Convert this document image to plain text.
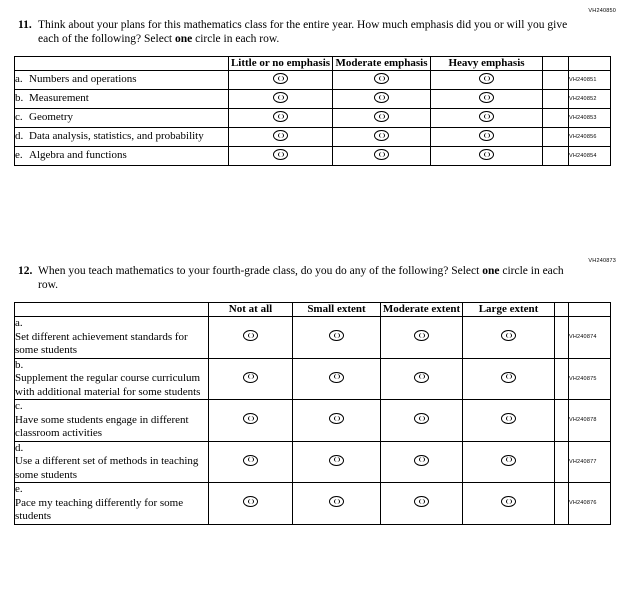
VH240850
VH240873
11. Think about your plans for this mathematics class for the entire year. How much emphasis did you or will you give each of the following? Select one circle in each row.
	Little or no emphasis	Moderate emphasis	Heavy emphasis		
a. Numbers and operations					VH240851
b. Measurement					VH240852
c. Geometry					VH240853
d. Data analysis, statistics, and probability					VH240856
e. Algebra and functions					VH240854
12. When you teach mathematics to your fourth-grade class, do you do any of the following? Select one circle in each row.
	Not at all	Small extent	Moderate extent	Large extent		
a.Set different achievement standards for some students						VH240874
b.Supplement the regular course curriculum with additional material for some students						VH240875
c.Have some students engage in different classroom activities						VH240878
d.Use a different set of methods in teaching some students						VH240877
e.Pace my teaching differently for some students						VH240876
